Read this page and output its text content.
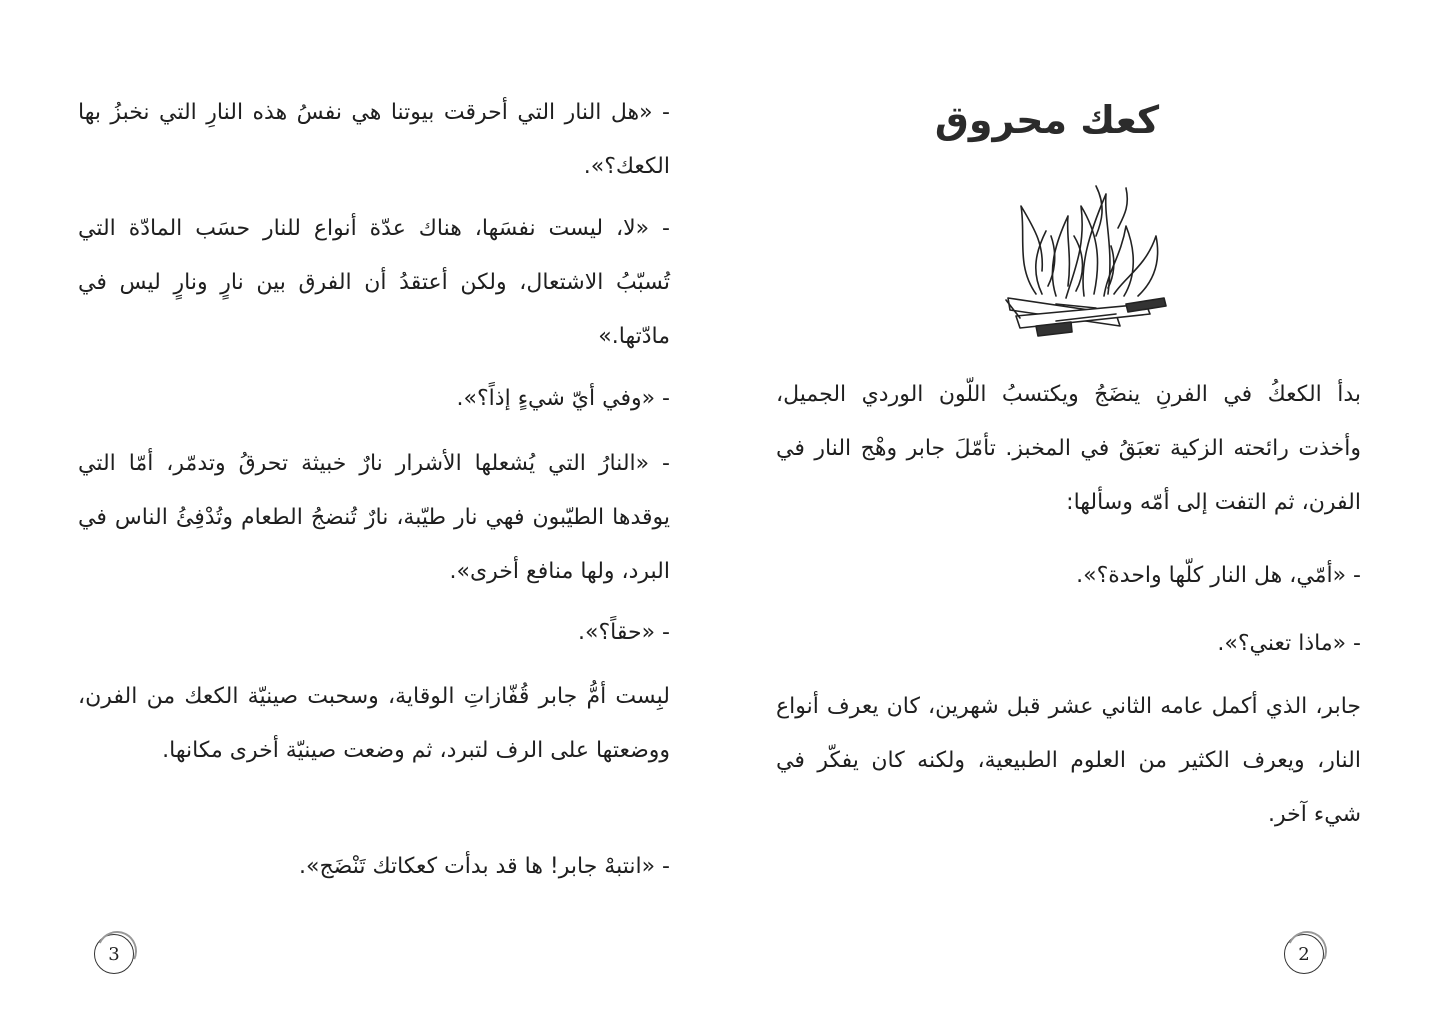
كعك محروق

بدأ الكعكُ في الفرنِ ينضَجُ ويكتسبُ اللّون الوردي الجميل، وأخذت رائحته الزكية تعبَقُ في المخبز. تأمّلَ جابر وهْج النار في الفرن، ثم التفت إلى أمّه وسألها:

- «أمّي، هل النار كلّها واحدة؟».

- «ماذا تعني؟».

جابر، الذي أكمل عامه الثاني عشر قبل شهرين، كان يعرف أنواع النار، ويعرف الكثير من العلوم الطبيعية، ولكنه كان يفكّر في شيء آخر.

2

- «هل النار التي أحرقت بيوتنا هي نفسُ هذه النارِ التي نخبزُ بها الكعك؟».

- «لا، ليست نفسَها، هناك عدّة أنواع للنار حسَب المادّة التي تُسبّبُ الاشتعال، ولكن أعتقدُ أن الفرق بين نارٍ ونارٍ ليس في مادّتها.»

- «وفي أيّ شيءٍ إذاً؟».

- «النارُ التي يُشعلها الأشرار نارٌ خبيثة تحرقُ وتدمّر، أمّا التي يوقدها الطيّبون فهي نار طيّبة، نارٌ تُنضجُ الطعام وتُدْفِئُ الناس في البرد، ولها منافع أخرى».

- «حقاً؟».

لبِست أمُّ جابر قُفّازاتِ الوقاية، وسحبت صينيّة الكعك من الفرن، ووضعتها على الرف لتبرد، ثم وضعت صينيّة أخرى مكانها.

- «انتبهْ جابر! ها قد بدأت كعكاتك تَنْضَج».

3
